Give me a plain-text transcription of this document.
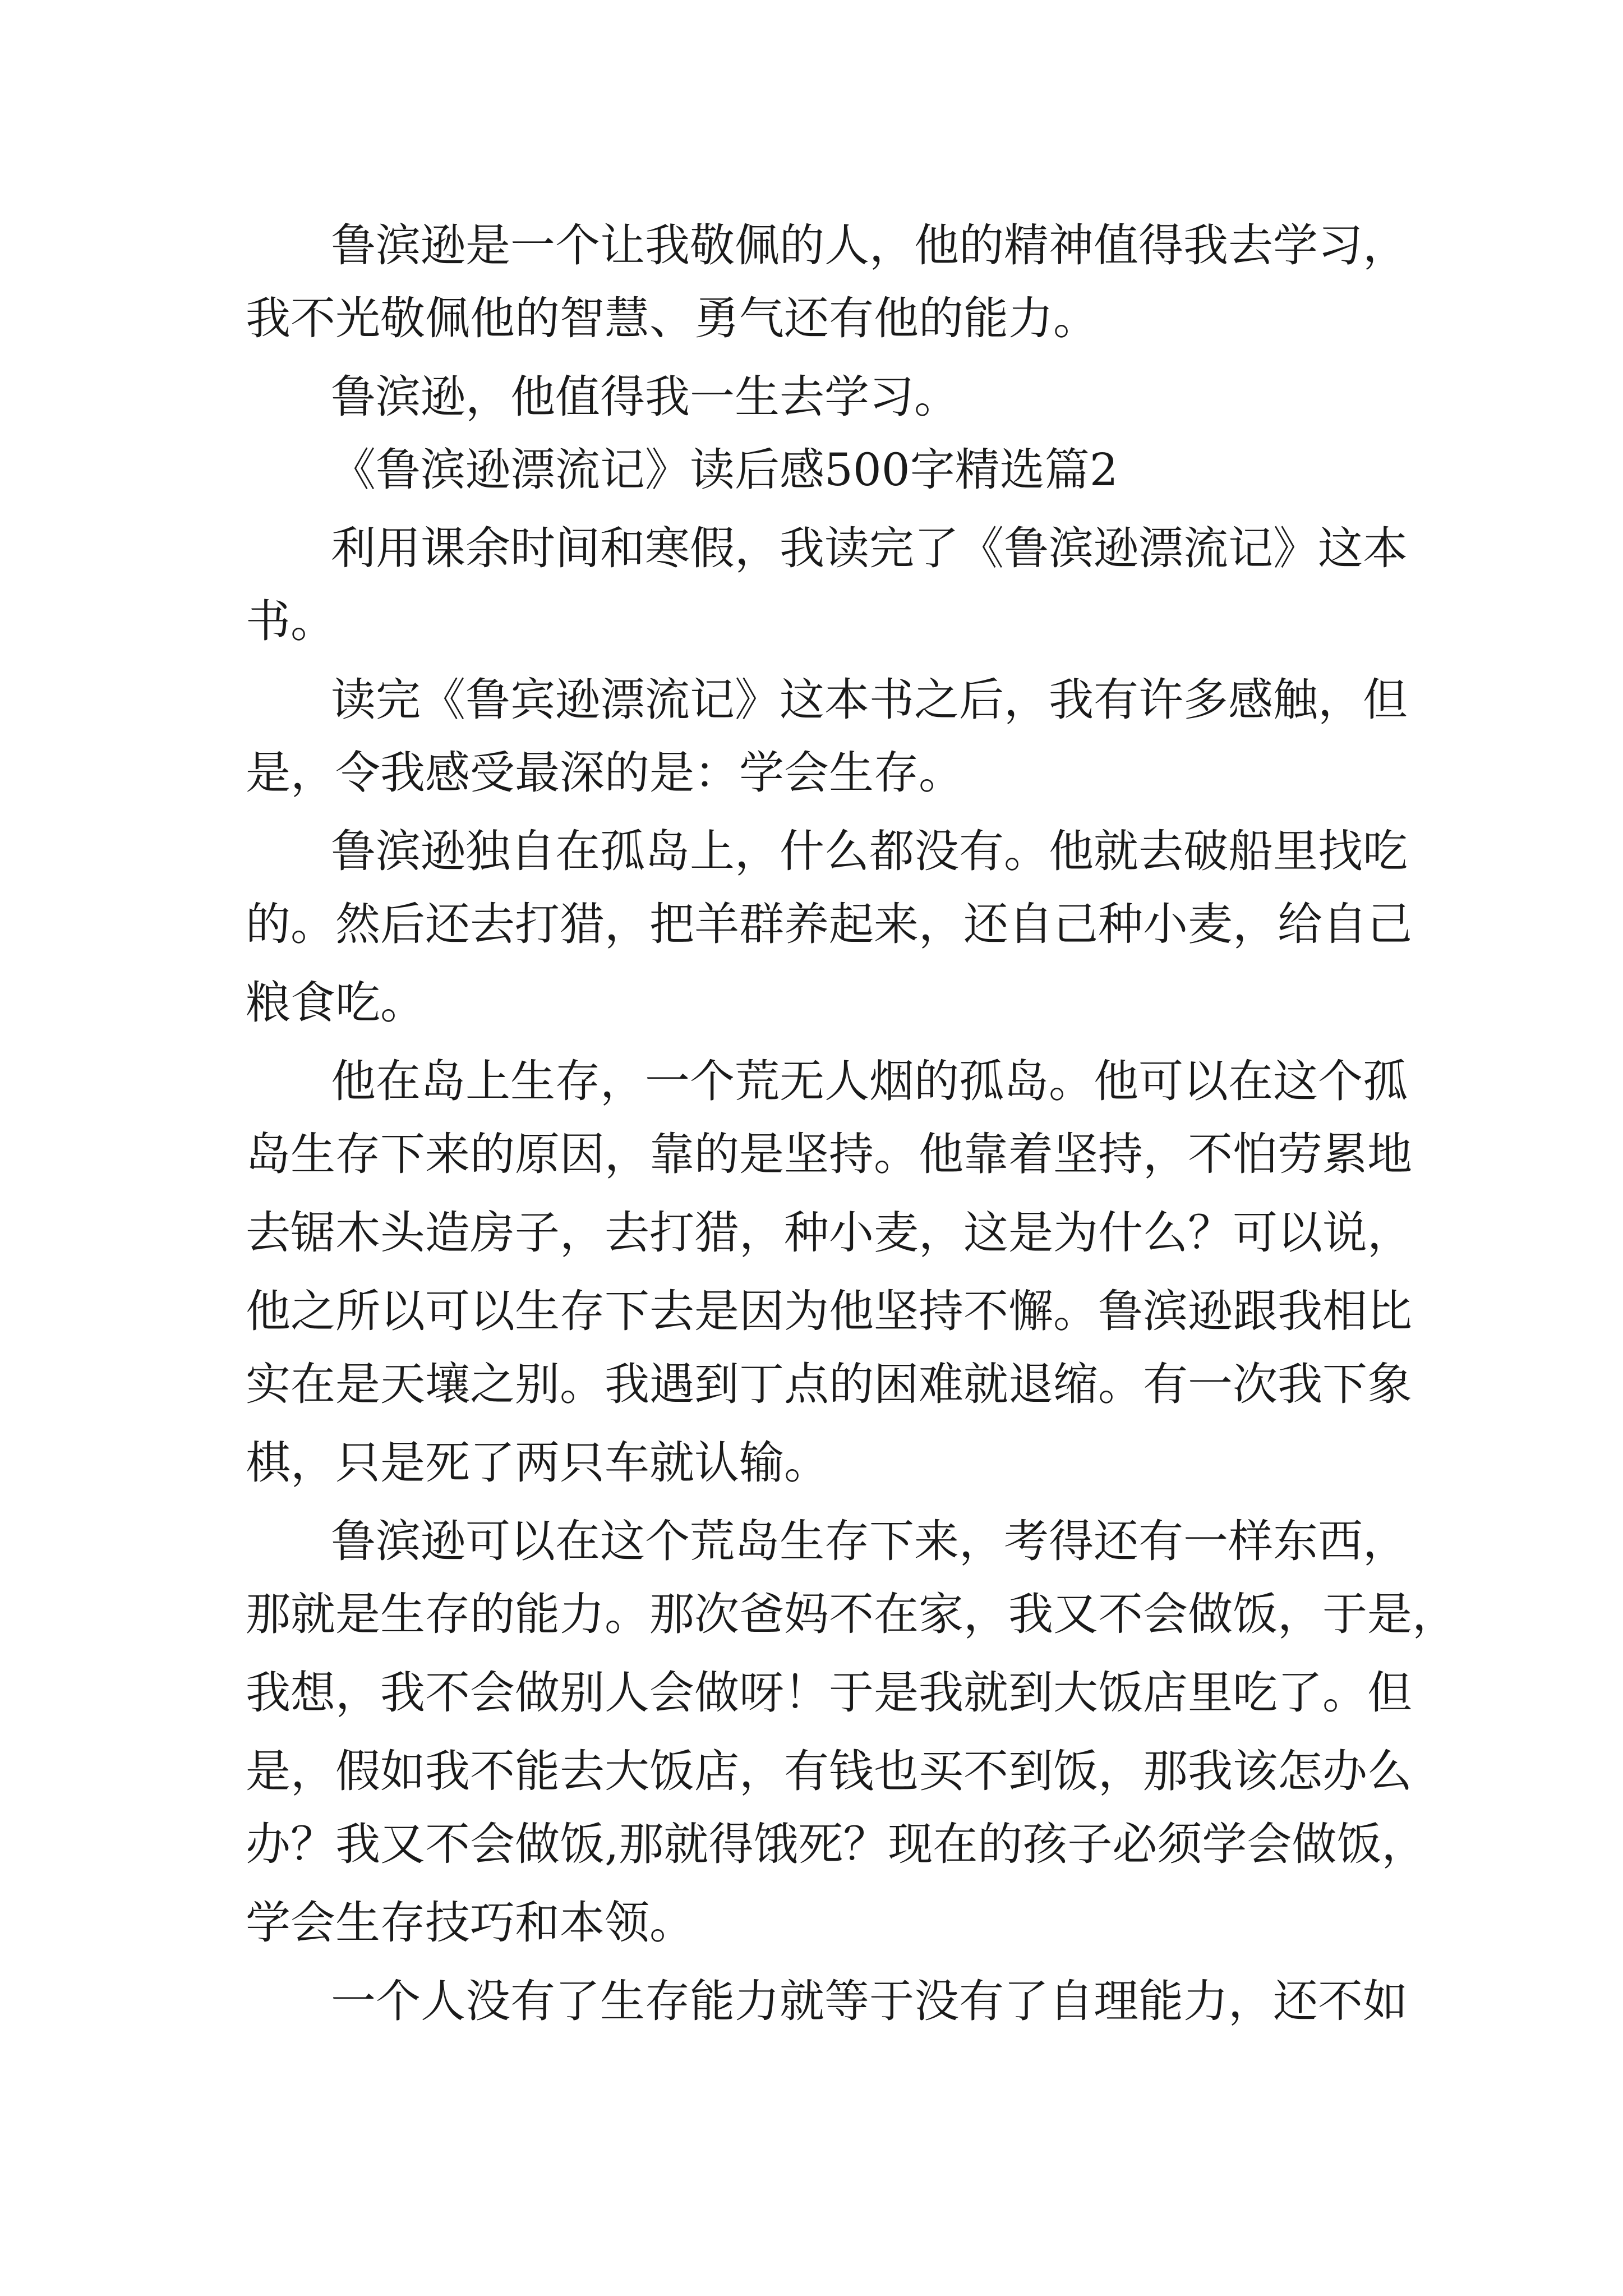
鲁滨逊是一个让我敬佩的人，他的精神值得我去学习，
我不光敬佩他的智慧、勇气还有他的能力。
鲁滨逊，他值得我一生去学习。
《鲁滨逊漂流记》读后感500字精选篇2
利用课余时间和寒假，我读完了《鲁滨逊漂流记》这本
书。
读完《鲁宾逊漂流记》这本书之后，我有许多感触，但
是，令我感受最深的是：学会生存。
鲁滨逊独自在孤岛上，什么都没有。他就去破船里找吃
的。然后还去打猎，把羊群养起来，还自己种小麦，给自己
粮食吃。
他在岛上生存，一个荒无人烟的孤岛。他可以在这个孤
岛生存下来的原因，靠的是坚持。他靠着坚持，不怕劳累地
去锯木头造房子，去打猎，种小麦，这是为什么？可以说，
他之所以可以生存下去是因为他坚持不懈。鲁滨逊跟我相比
实在是天壤之别。我遇到丁点的困难就退缩。有一次我下象
棋，只是死了两只车就认输。
鲁滨逊可以在这个荒岛生存下来，考得还有一样东西，
那就是生存的能力。那次爸妈不在家，我又不会做饭，于是，
我想，我不会做别人会做呀！于是我就到大饭店里吃了。但
是，假如我不能去大饭店，有钱也买不到饭，那我该怎办么
办？我又不会做饭,那就得饿死？现在的孩子必须学会做饭，
学会生存技巧和本领。
一个人没有了生存能力就等于没有了自理能力，还不如
